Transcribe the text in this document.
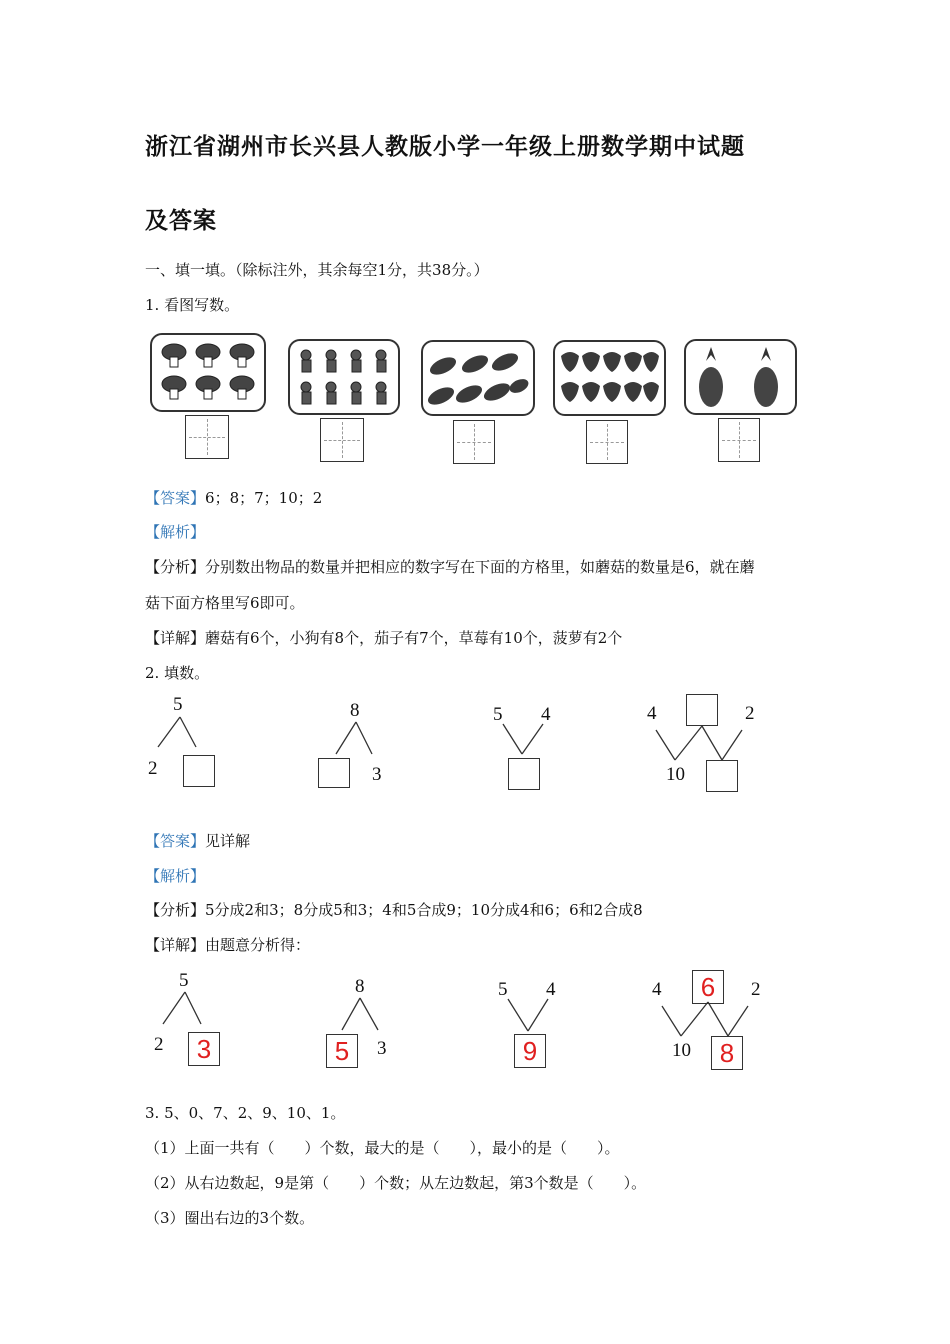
浙江省湖州市长兴县人教版小学一年级上册数学期中试题
及答案
一、填一填。（除标注外，其余每空1分，共38分。）
1. 看图写数。
【答案】6；8；7；10；2
【解析】
【分析】分别数出物品的数量并把相应的数字写在下面的方格里，如蘑菇的数量是6，就在蘑
菇下面方格里写6即可。
【详解】蘑菇有6个，小狗有8个，茄子有7个，草莓有10个，菠萝有2个
2. 填数。
5
2
8
3
5 4	4	2
10
【答案】见详解
【解析】
【分析】5分成2和3；8分成5和3；4和5合成9；10分成4和6；6和2合成8
【详解】由题意分析得：
5
2 3
8
5	3
5 4
9
4 6	2
10 8
3. 5、0、7、2、9、10、1。
（1）上面一共有（　　）个数，最大的是（　　），最小的是（　　）。
（2）从右边数起，9是第（　　）个数；从左边数起，第3个数是（　　）。
（3）圈出右边的3个数。
